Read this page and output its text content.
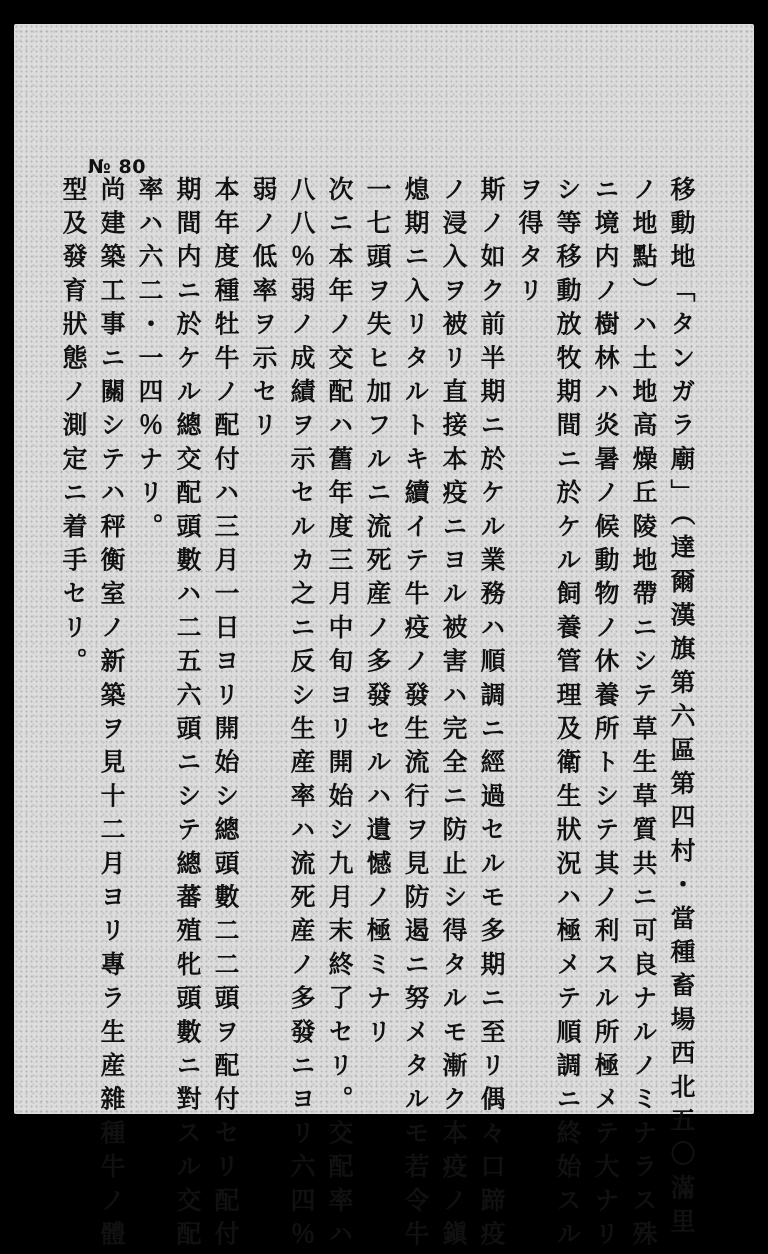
№ 80
移動地「タンガラ廟」（達爾漢旗第六區第四村・當種畜場西北五〇滿里
ノ地點）ハ土地高燥丘陵地帶ニシテ草生草質共ニ可良ナルノミナラス殊
ニ境内ノ樹林ハ炎暑ノ候動物ノ休養所トシテ其ノ利スル所極メテ大ナリ
シ等移動放牧期間ニ於ケル飼養管理及衛生狀況ハ極メテ順調ニ終始スル
ヲ得タリ
斯ノ如ク前半期ニ於ケル業務ハ順調ニ經過セルモ多期ニ至リ偶々口蹄疫
ノ浸入ヲ被リ直接本疫ニヨル被害ハ完全ニ防止シ得タルモ漸ク本疫ノ鎭
熄期ニ入リタルトキ續イテ牛疫ノ發生流行ヲ見防遏ニ努メタルモ若令牛
一七頭ヲ失ヒ加フルニ流死産ノ多發セルハ遺憾ノ極ミナリ
次ニ本年ノ交配ハ舊年度三月中旬ヨリ開始シ九月末終了セリ。交配率ハ
八八％弱ノ成績ヲ示セルカ之ニ反シ生産率ハ流死産ノ多發ニヨリ六四％
弱ノ低率ヲ示セリ
本年度種牡牛ノ配付ハ三月一日ヨリ開始シ總頭數二二頭ヲ配付セリ配付
期間内ニ於ケル總交配頭數ハ二五六頭ニシテ總蕃殖牝頭數ニ對スル交配
率ハ六二・一四％ナリ。
尚建築工事ニ關シテハ秤衡室ノ新築ヲ見十二月ヨリ專ラ生産雜種牛ノ體
型及發育狀態ノ測定ニ着手セリ。
